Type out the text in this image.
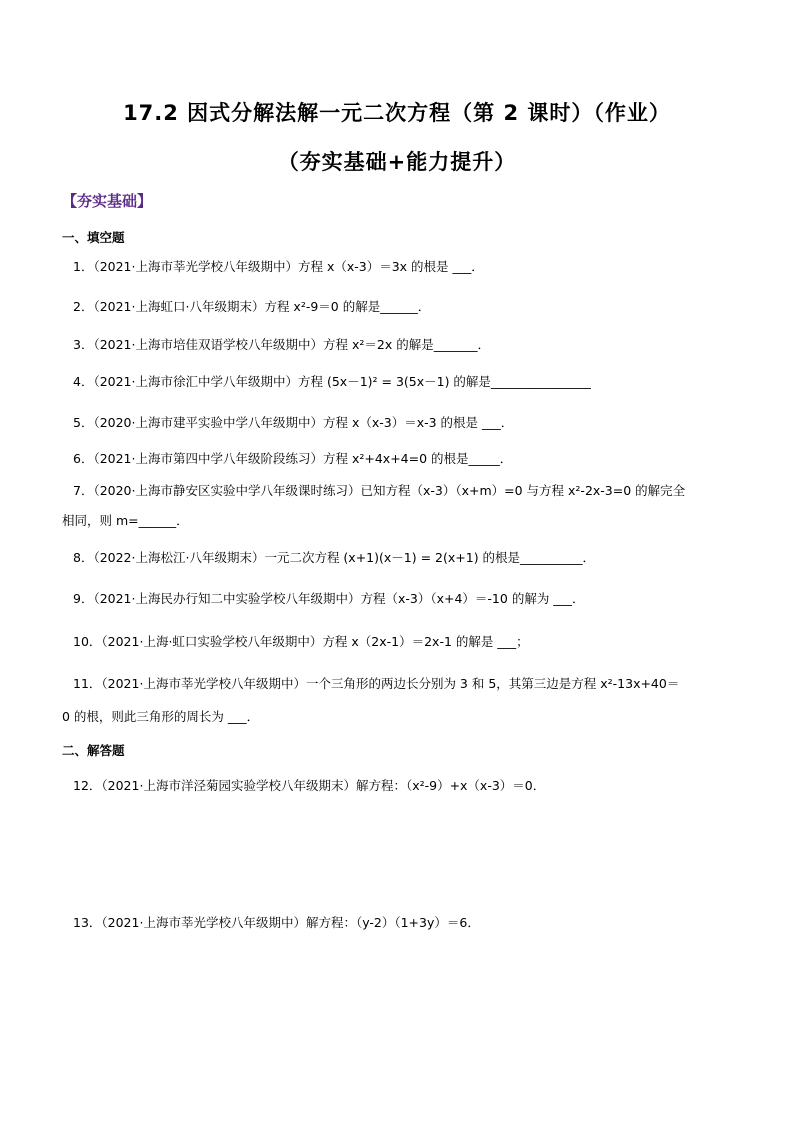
17.2 因式分解法解一元二次方程（第 2 课时）（作业）
（夯实基础+能力提升）
【夯实基础】
一、填空题
1．（2021·上海市莘光学校八年级期中）方程 x（x-3）＝3x 的根是 ___．
2．（2021·上海虹口·八年级期末）方程 x²-9＝0 的解是______．
3．（2021·上海市培佳双语学校八年级期中）方程 x²＝2x 的解是_______．
4．（2021·上海市徐汇中学八年级期中）方程 (5x－1)² = 3(5x－1) 的解是________________
5．（2020·上海市建平实验中学八年级期中）方程 x（x-3）＝x-3 的根是 ___．
6．（2021·上海市第四中学八年级阶段练习）方程 x²+4x+4=0 的根是_____．
7．（2020·上海市静安区实验中学八年级课时练习）已知方程（x-3）（x+m）=0 与方程 x²-2x-3=0 的解完全
相同，则 m=______．
8．（2022·上海松江·八年级期末）一元二次方程 (x+1)(x－1) = 2(x+1) 的根是__________．
9．（2021·上海民办行知二中实验学校八年级期中）方程（x-3）（x+4）＝-10 的解为 ___．
10．（2021·上海·虹口实验学校八年级期中）方程 x（2x-1）＝2x-1 的解是 ___；
11．（2021·上海市莘光学校八年级期中）一个三角形的两边长分别为 3 和 5，其第三边是方程 x²-13x+40＝
0 的根，则此三角形的周长为 ___．
二、解答题
12．（2021·上海市洋泾菊园实验学校八年级期末）解方程：（x²-9）+x（x-3）＝0．
13．（2021·上海市莘光学校八年级期中）解方程：（y-2）（1+3y）＝6．
